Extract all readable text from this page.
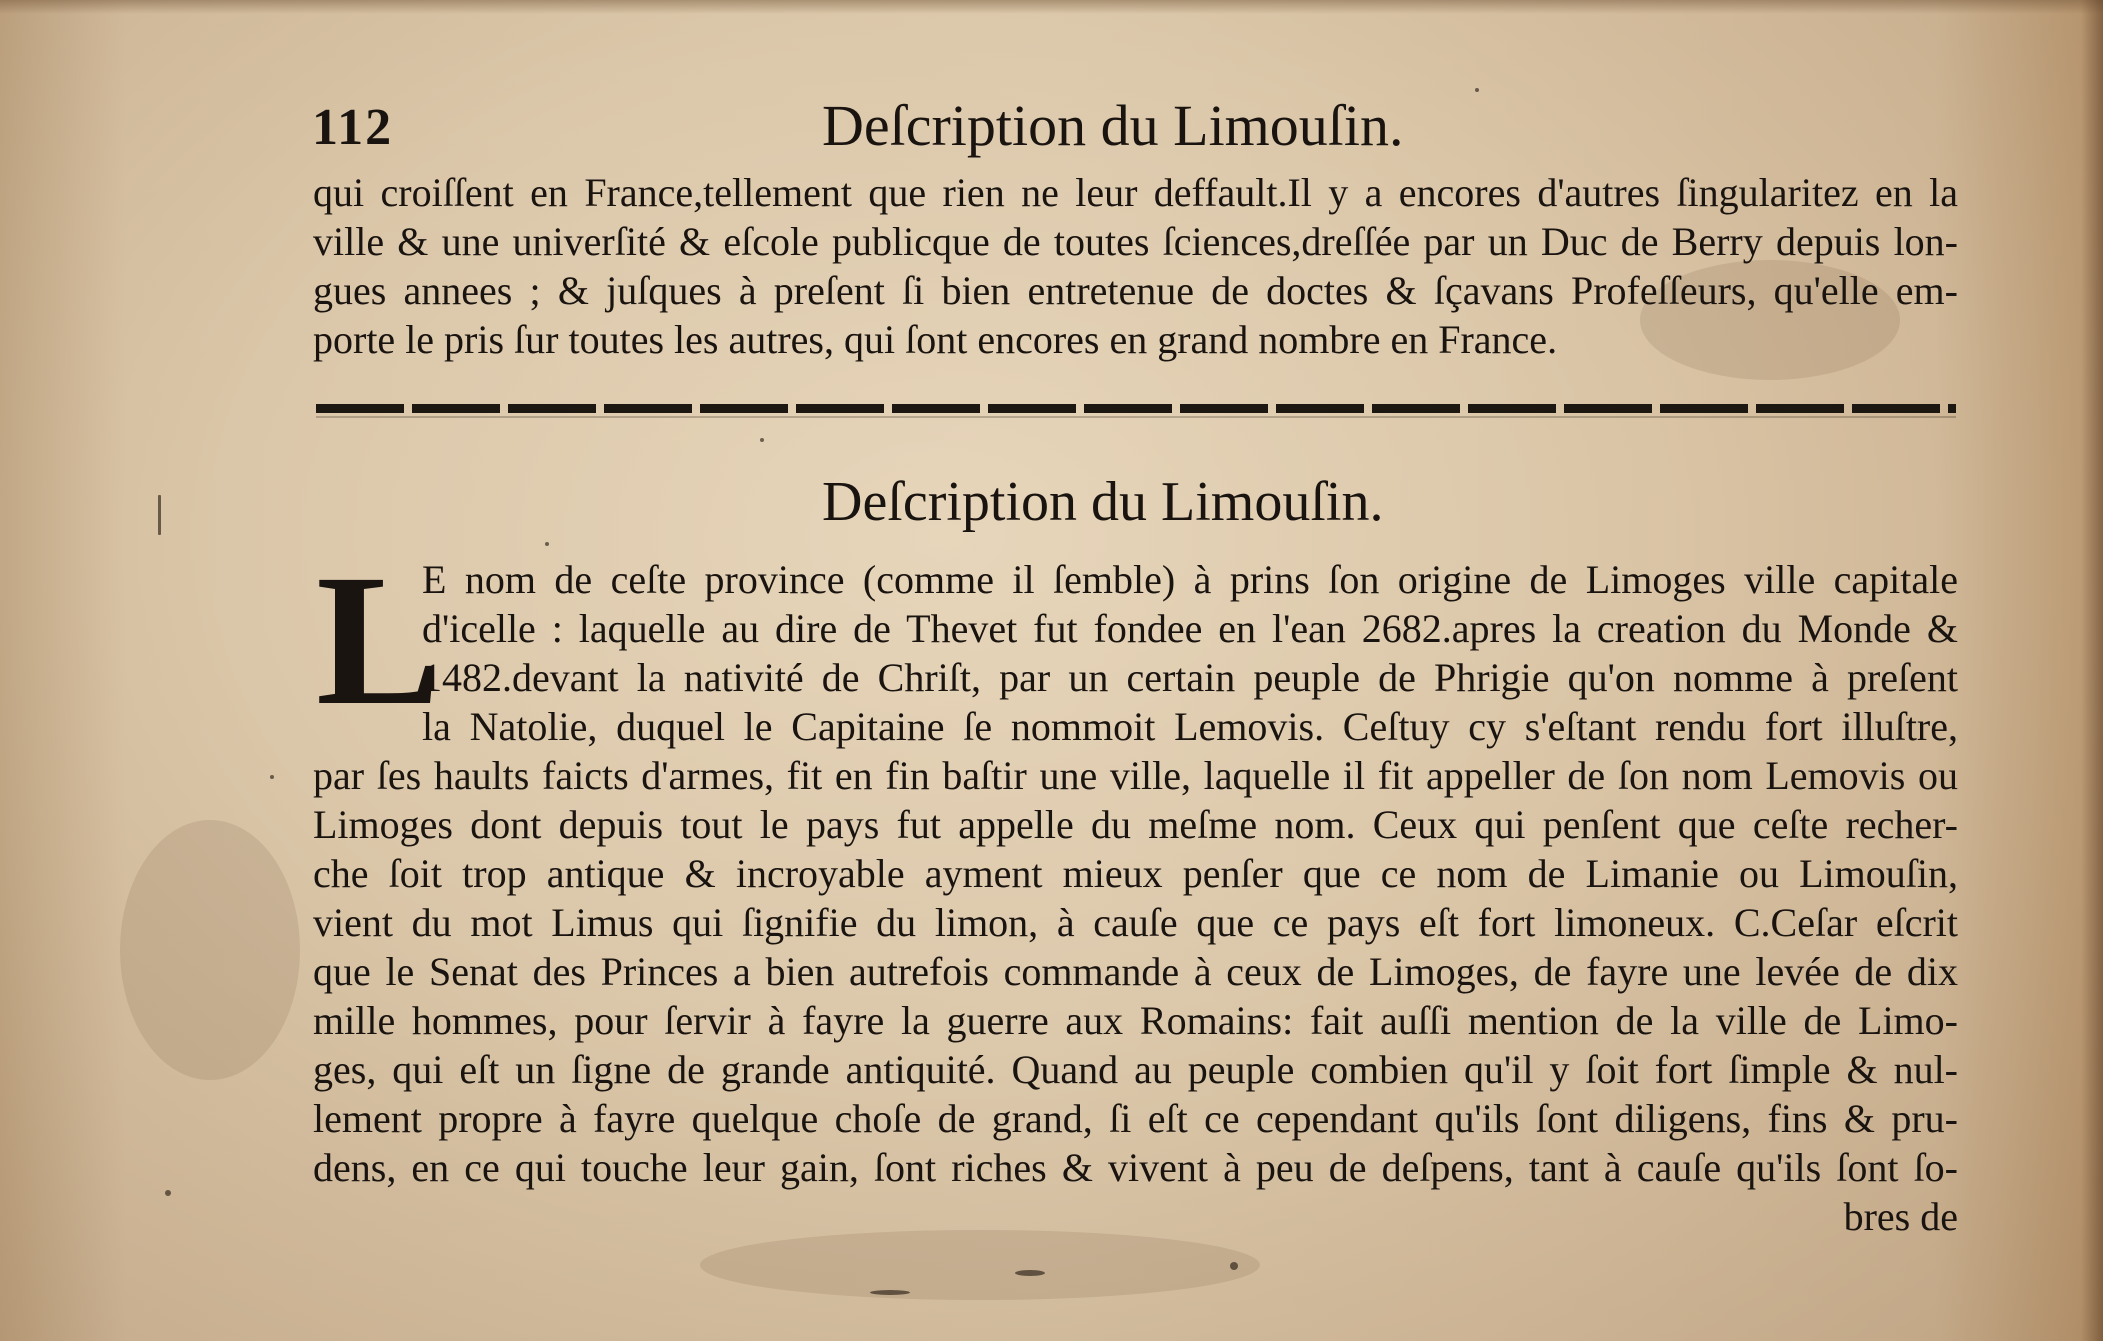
112	Deſcription du Limouſin.
qui croiſſent en France,tellement que rien ne leur deffault.Il y a encores d'autres ſingularitez en la
ville & une univerſité & eſcole publicque de toutes ſciences,dreſſée par un Duc de Berry depuis lon-
gues annees ; & juſques à preſent ſi bien entretenue de doctes & ſçavans Profeſſeurs, qu'elle em-
porte le pris ſur toutes les autres, qui ſont encores en grand nombre en France.
Deſcription du Limouſin.
L
E nom de ceſte province (comme il ſemble) à prins ſon origine de Limoges ville capitale
d'icelle : laquelle au dire de Thevet fut fondee en l'ean 2682.apres la creation du Monde &
1482.devant la nativité de Chriſt, par un certain peuple de Phrigie qu'on nomme à preſent
la Natolie, duquel le Capitaine ſe nommoit Lemovis. Ceſtuy cy s'eſtant rendu fort illuſtre,
par ſes haults faicts d'armes, fit en fin baſtir une ville, laquelle il fit appeller de ſon nom Lemovis ou
Limoges dont depuis tout le pays fut appelle du meſme nom. Ceux qui penſent que ceſte recher-
che ſoit trop antique & incroyable ayment mieux penſer que ce nom de Limanie ou Limouſin,
vient du mot Limus qui ſignifie du limon, à cauſe que ce pays eſt fort limoneux. C.Ceſar eſcrit
que le Senat des Princes a bien autrefois commande à ceux de Limoges, de fayre une levée de dix
mille hommes, pour ſervir à fayre la guerre aux Romains: fait auſſi mention de la ville de Limo-
ges, qui eſt un ſigne de grande antiquité. Quand au peuple combien qu'il y ſoit fort ſimple & nul-
lement propre à fayre quelque choſe de grand, ſi eſt ce cependant qu'ils ſont diligens, fins & pru-
dens, en ce qui touche leur gain, ſont riches & vivent à peu de deſpens, tant à cauſe qu'ils ſont ſo-
bres de
